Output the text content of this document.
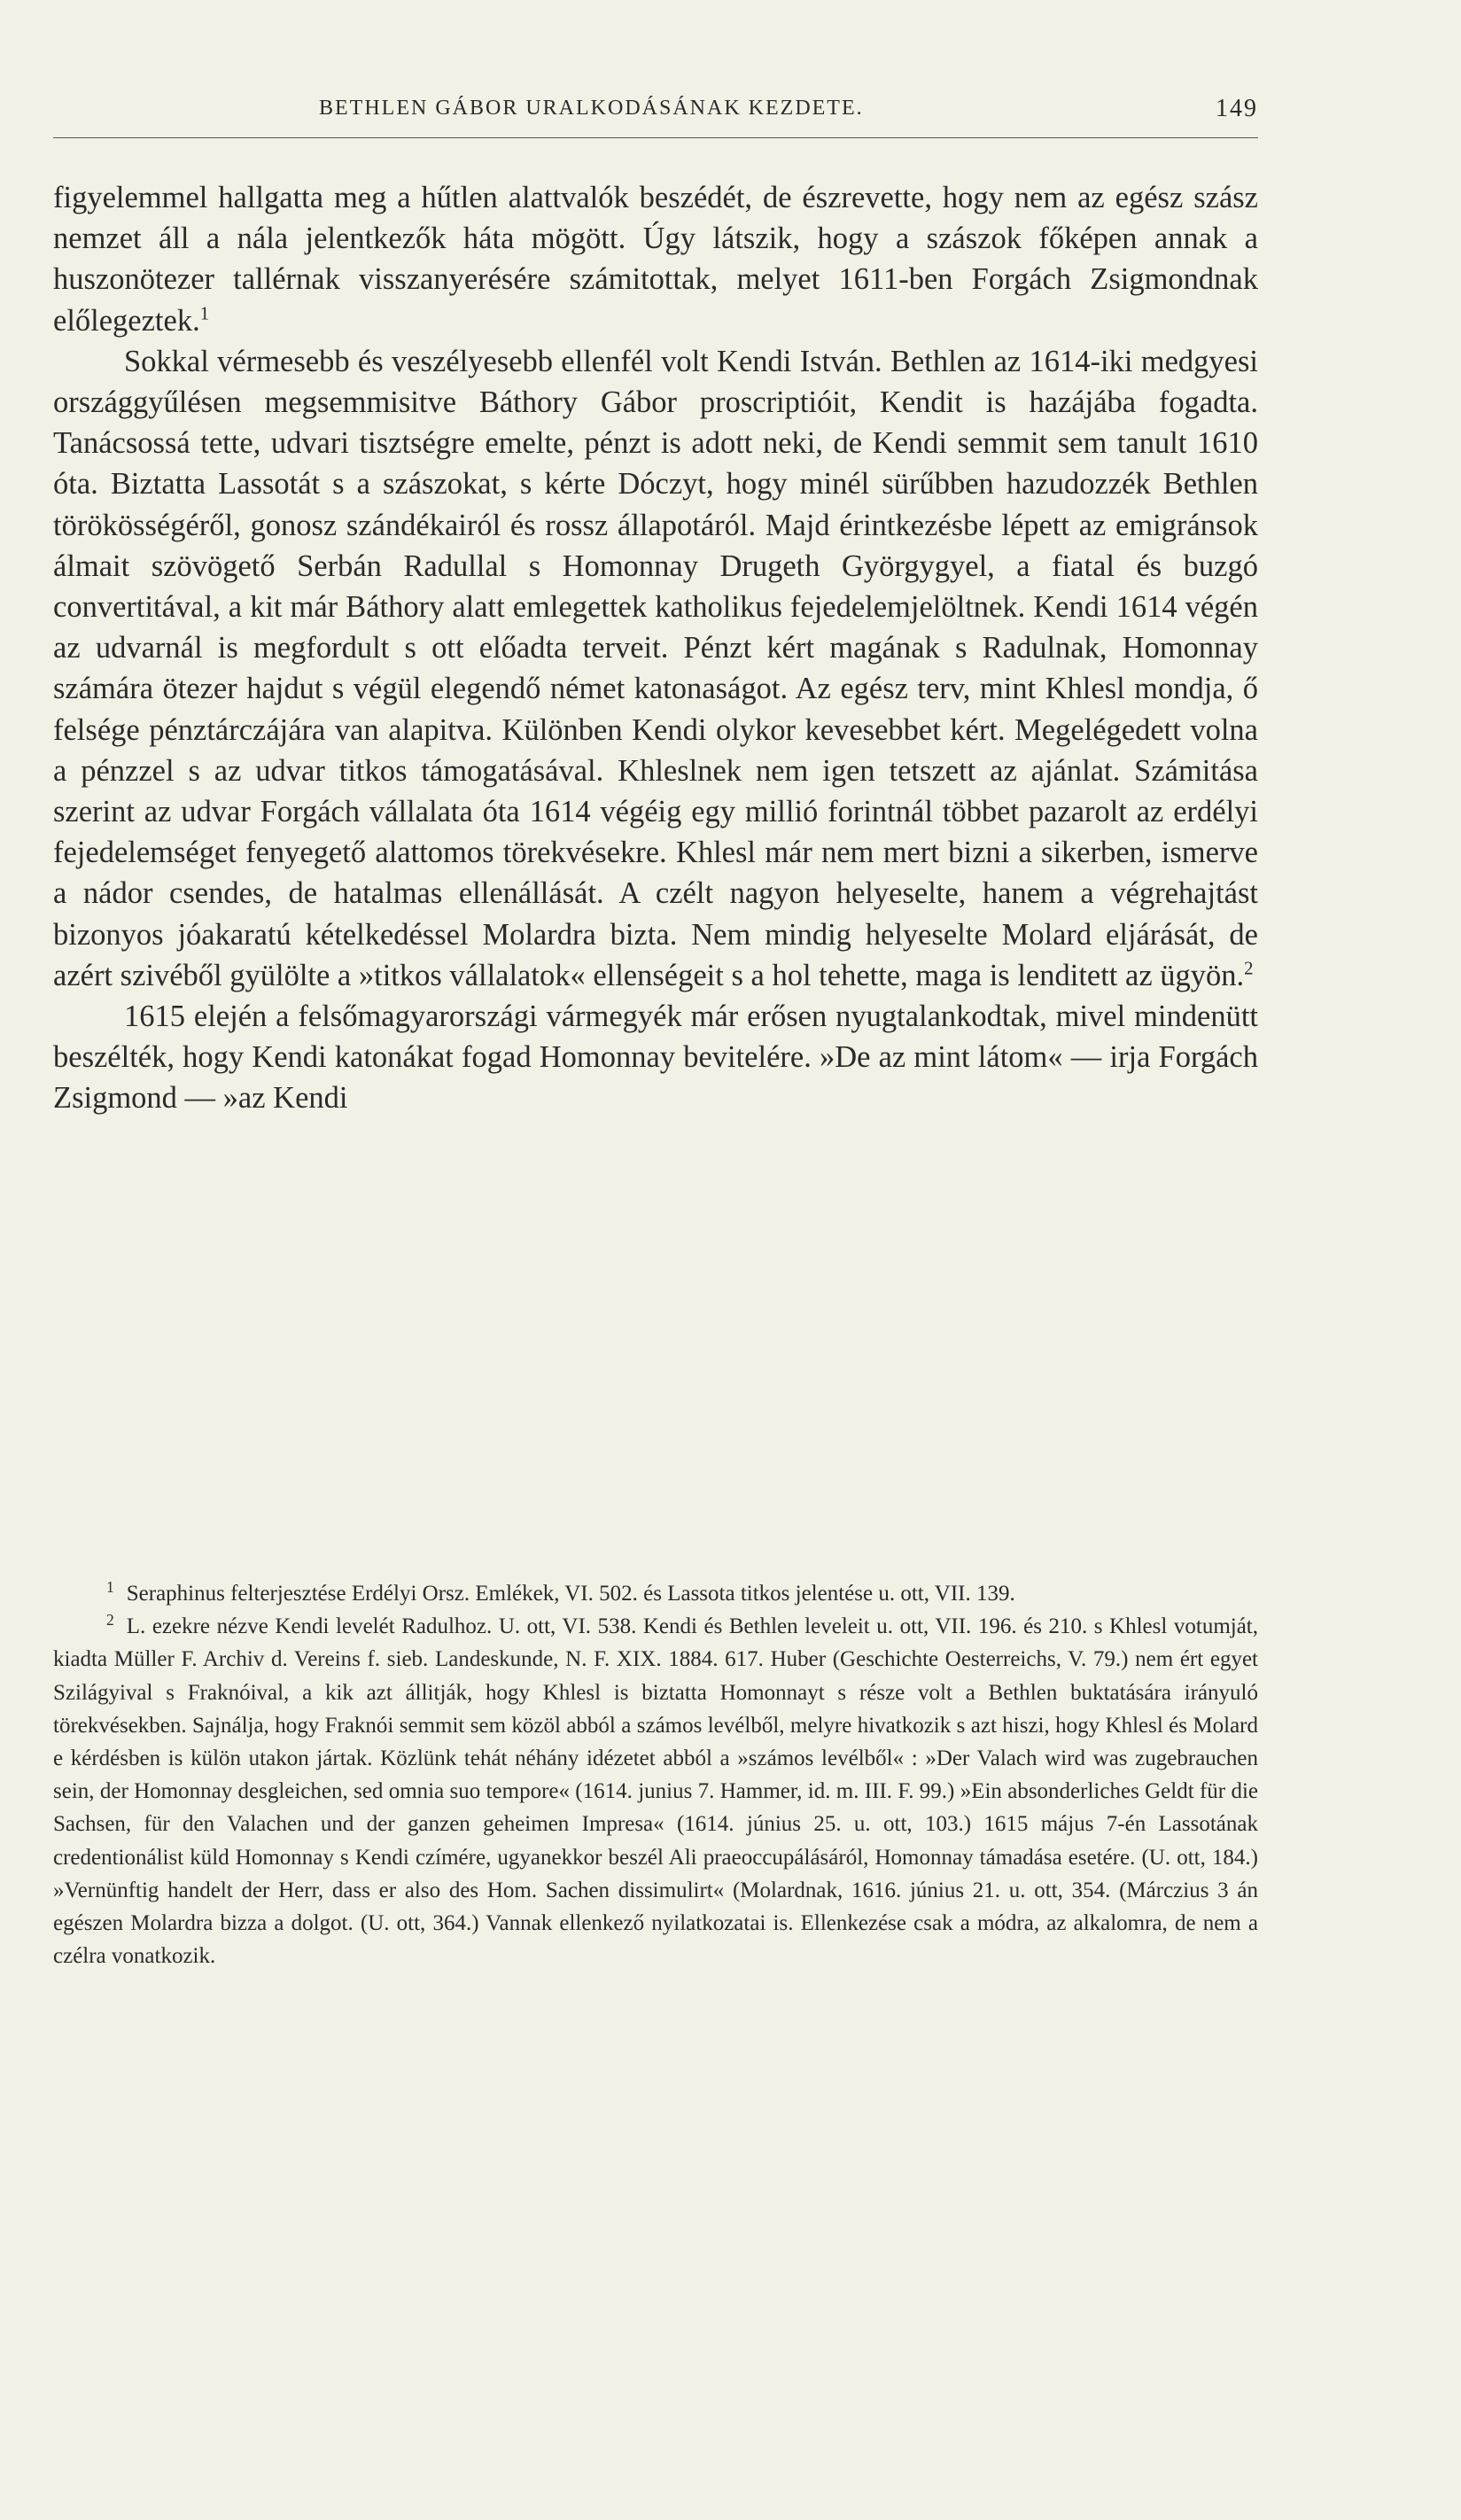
BETHLEN GÁBOR URALKODÁSÁNAK KEZDETE.	149

figyelemmel hallgatta meg a hűtlen alattvalók beszédét, de észrevette, hogy nem az egész szász nemzet áll a nála jelentkezők háta mögött. Úgy látszik, hogy a szászok főképen annak a huszonötezer tallérnak visszanyerésére számitottak, melyet 1611-ben Forgách Zsigmondnak előlegeztek.$^1$

Sokkal vérmesebb és veszélyesebb ellenfél volt Kendi István. Bethlen az 1614-iki medgyesi országgyűlésen megsemmisitve Báthory Gábor proscriptióit, Kendit is hazájába fogadta. Tanácsossá tette, udvari tisztségre emelte, pénzt is adott neki, de Kendi semmit sem tanult 1610 óta. Biztatta Lassotát s a szászokat, s kérte Dóczyt, hogy minél sürűbben hazudozzék Bethlen törökösségéről, gonosz szándékairól és rossz állapotáról. Majd érintkezésbe lépett az emigránsok álmait szövögető Serbán Radullal s Homonnay Drugeth Györgygyel, a fiatal és buzgó convertitával, a kit már Báthory alatt emlegettek katholikus fejedelemjelöltnek. Kendi 1614 végén az udvarnál is megfordult s ott előadta terveit. Pénzt kért magának s Radulnak, Homonnay számára ötezer hajdut s végül elegendő német katonaságot. Az egész terv, mint Khlesl mondja, ő felsége pénztárczájára van alapitva. Különben Kendi olykor kevesebbet kért. Megelégedett volna a pénzzel s az udvar titkos támogatásával. Khleslnek nem igen tetszett az ajánlat. Számitása szerint az udvar Forgách vállalata óta 1614 végéig egy millió forintnál többet pazarolt az erdélyi fejedelemséget fenyegető alattomos törekvésekre. Khlesl már nem mert bizni a sikerben, ismerve a nádor csendes, de hatalmas ellenállását. A czélt nagyon helyeselte, hanem a végrehajtást bizonyos jóakaratú kételkedéssel Molardra bizta. Nem mindig helyeselte Molard eljárását, de azért szivéből gyülölte a »titkos vállalatok« ellenségeit s a hol tehette, maga is lenditett az ügyön.$^2$

1615 elején a felsőmagyarországi vármegyék már erősen nyugtalankodtak, mivel mindenütt beszélték, hogy Kendi katonákat fogad Homonnay bevitelére. »De az mint látom« — irja Forgách Zsigmond — »az Kendi

$^1$ Seraphinus felterjesztése Erdélyi Orsz. Emlékek, VI. 502. és Lassota titkos jelentése u. ott, VII. 139.

$^2$ L. ezekre nézve Kendi levelét Radulhoz. U. ott, VI. 538. Kendi és Bethlen leveleit u. ott, VII. 196. és 210. s Khlesl votumját, kiadta Müller F. Archiv d. Vereins f. sieb. Landeskunde, N. F. XIX. 1884. 617. Huber (Geschichte Oesterreichs, V. 79.) nem ért egyet Szilágyival s Fraknóival, a kik azt állitják, hogy Khlesl is biztatta Homonnayt s része volt a Bethlen buktatására irányuló törekvésekben. Sajnálja, hogy Fraknói semmit sem közöl abból a számos levélből, melyre hivatkozik s azt hiszi, hogy Khlesl és Molard e kérdésben is külön utakon jártak. Közlünk tehát néhány idézetet abból a »számos levélből« : »Der Valach wird was zugebrauchen sein, der Homonnay desgleichen, sed omnia suo tempore« (1614. junius 7. Hammer, id. m. III. F. 99.) »Ein absonderliches Geldt für die Sachsen, für den Valachen und der ganzen geheimen Impresa« (1614. június 25. u. ott, 103.) 1615 május 7-én Lassotának credentionálist küld Homonnay s Kendi czímére, ugyanekkor beszél Ali praeoccupálásáról, Homonnay támadása esetére. (U. ott, 184.) »Vernünftig handelt der Herr, dass er also des Hom. Sachen dissimulirt« (Molardnak, 1616. június 21. u. ott, 354. (Márczius 3 án egészen Molardra bizza a dolgot. (U. ott, 364.) Vannak ellenkező nyilatkozatai is. Ellenkezése csak a módra, az alkalomra, de nem a czélra vonatkozik.
